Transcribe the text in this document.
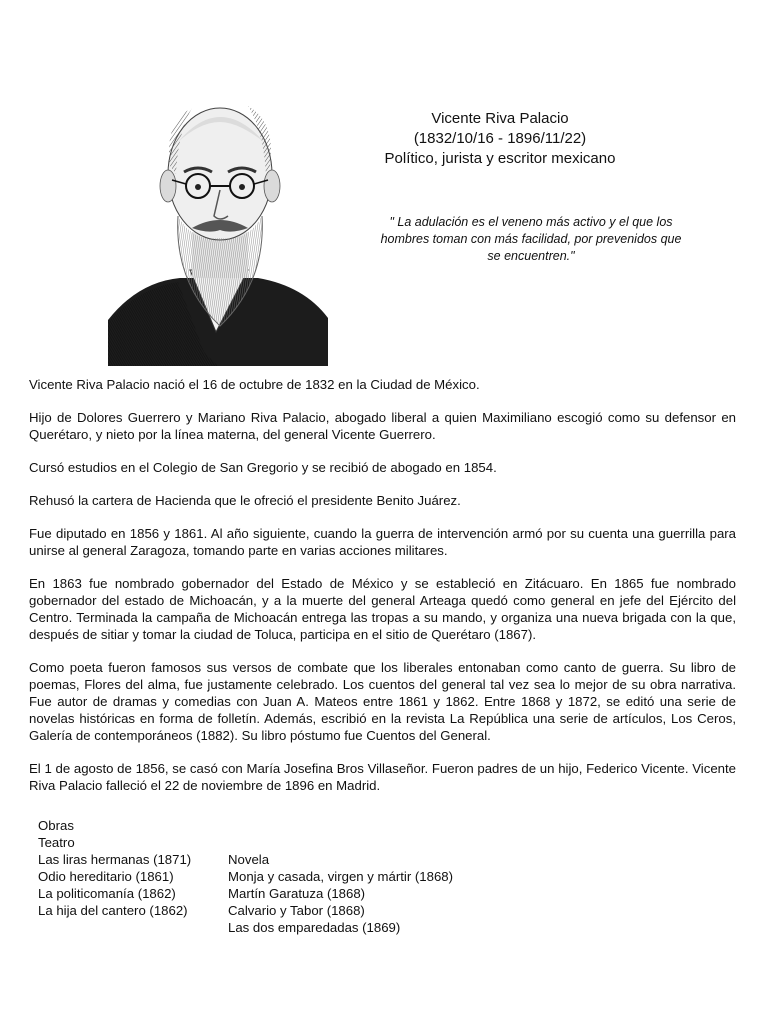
Vicente Riva Palacio
(1832/10/16 - 1896/11/22)
Político, jurista y escritor mexicano
" La adulación es el veneno más activo y el que los hombres toman con más facilidad, por prevenidos que se encuentren."

Vicente Riva Palacio nació el 16 de octubre de 1832 en la Ciudad de México.

Hijo de Dolores Guerrero y Mariano Riva Palacio, abogado liberal a quien Maximiliano escogió como su defensor en Querétaro, y nieto por la línea materna, del general Vicente Guerrero.

Cursó estudios en el Colegio de San Gregorio y se recibió de abogado en 1854.

Rehusó la cartera de Hacienda que le ofreció el presidente Benito Juárez.

Fue diputado en 1856 y 1861. Al año siguiente, cuando la guerra de intervención armó por su cuenta una guerrilla para unirse al general Zaragoza, tomando parte en varias acciones militares.

En 1863 fue nombrado gobernador del Estado de México y se estableció en Zitácuaro. En 1865 fue nombrado gobernador del estado de Michoacán, y a la muerte del general Arteaga quedó como general en jefe del Ejército del Centro. Terminada la campaña de Michoacán entrega las tropas a su mando, y organiza una nueva brigada con la que, después de sitiar y tomar la ciudad de Toluca, participa en el sitio de Querétaro (1867).

Como poeta fueron famosos sus versos de combate que los liberales entonaban como canto de guerra. Su libro de poemas, Flores del alma, fue justamente celebrado. Los cuentos del general tal vez sea lo mejor de su obra narrativa. Fue autor de dramas y comedias con Juan A. Mateos entre 1861 y 1862. Entre 1868 y 1872, se editó una serie de novelas históricas en forma de folletín. Además, escribió en la revista La República una serie de artículos, Los Ceros, Galería de contemporáneos (1882). Su libro póstumo fue Cuentos del General.

El 1 de agosto de 1856, se casó con María Josefina Bros Villaseñor. Fueron padres de un hijo, Federico Vicente. Vicente Riva Palacio falleció el 22 de noviembre de 1896 en Madrid.

Obras
Teatro
Las liras hermanas (1871)
Odio hereditario (1861)
La politicomanía (1862)
La hija del cantero (1862)
Novela
Monja y casada, virgen y mártir (1868)
Martín Garatuza (1868)
Calvario y Tabor (1868)
Las dos emparedadas (1869)
